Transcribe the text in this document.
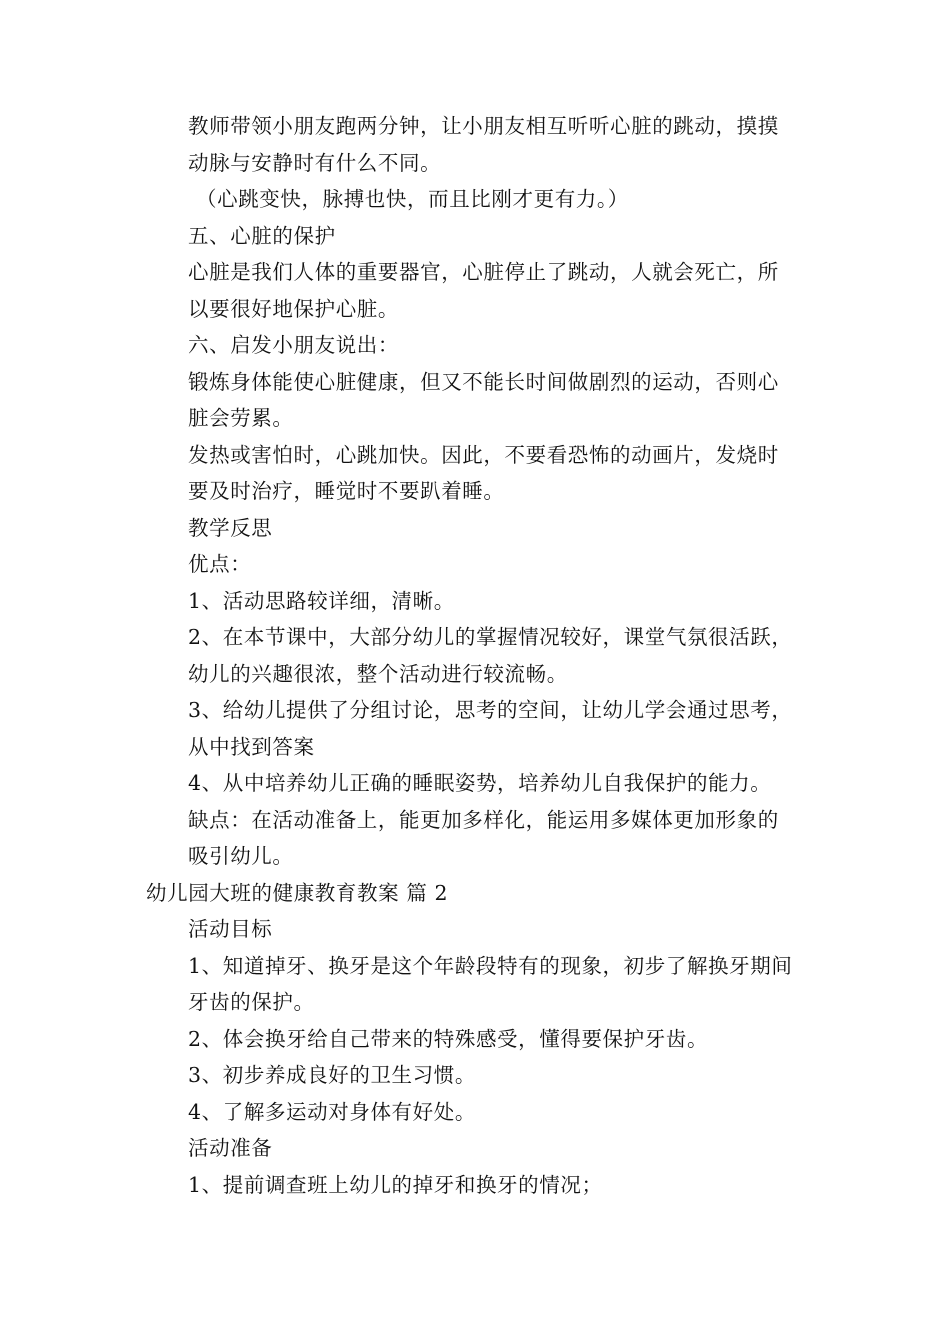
教师带领小朋友跑两分钟，让小朋友相互听听心脏的跳动，摸摸
动脉与安静时有什么不同。

（心跳变快，脉搏也快，而且比刚才更有力。）

五、心脏的保护

心脏是我们人体的重要器官，心脏停止了跳动，人就会死亡，所
以要很好地保护心脏。

六、启发小朋友说出：

锻炼身体能使心脏健康，但又不能长时间做剧烈的运动，否则心
脏会劳累。

发热或害怕时，心跳加快。因此，不要看恐怖的动画片，发烧时
要及时治疗，睡觉时不要趴着睡。

教学反思

优点：

1、活动思路较详细，清晰。

2、在本节课中，大部分幼儿的掌握情况较好，课堂气氛很活跃，
幼儿的兴趣很浓，整个活动进行较流畅。

3、给幼儿提供了分组讨论，思考的空间，让幼儿学会通过思考，
从中找到答案

4、从中培养幼儿正确的睡眠姿势，培养幼儿自我保护的能力。

缺点：在活动准备上，能更加多样化，能运用多媒体更加形象的
吸引幼儿。

幼儿园大班的健康教育教案 篇 2

活动目标

1、知道掉牙、换牙是这个年龄段特有的现象，初步了解换牙期间
牙齿的保护。

2、体会换牙给自己带来的特殊感受，懂得要保护牙齿。

3、初步养成良好的卫生习惯。

4、了解多运动对身体有好处。

活动准备

1、提前调查班上幼儿的掉牙和换牙的情况；
